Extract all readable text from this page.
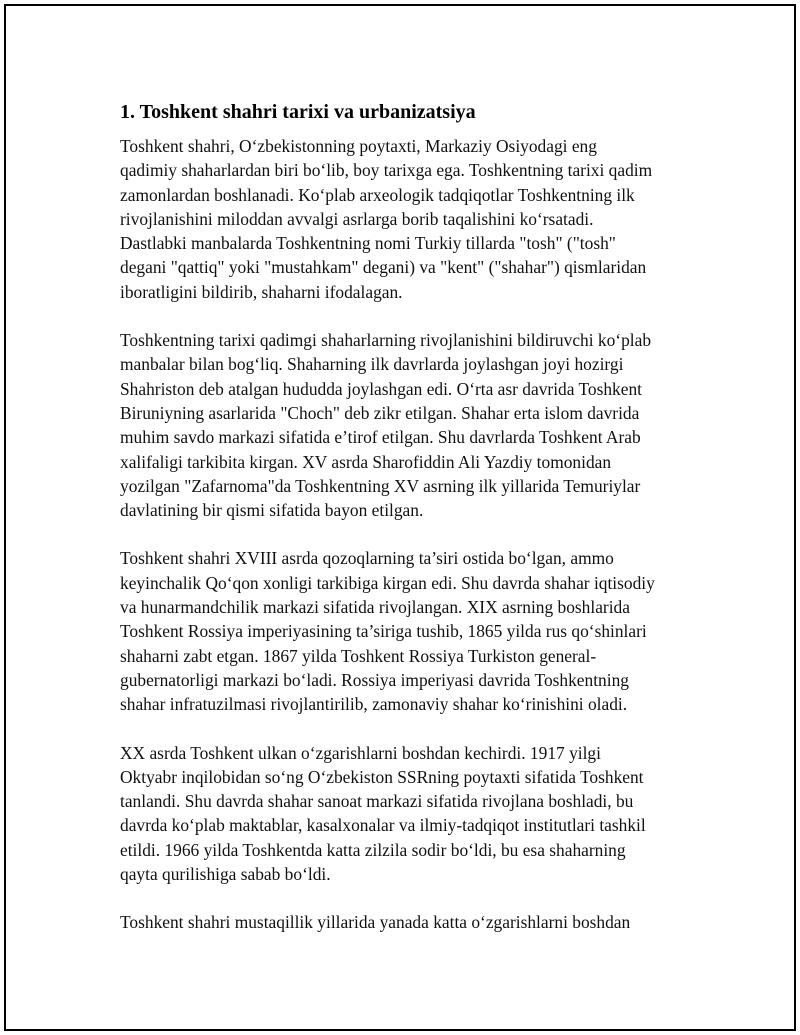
1. Toshkent shahri tarixi va urbanizatsiya

Toshkent shahri, O‘zbekistonning poytaxti, Markaziy Osiyodagi eng
qadimiy shaharlardan biri bo‘lib, boy tarixga ega. Toshkentning tarixi qadim
zamonlardan boshlanadi. Ko‘plab arxeologik tadqiqotlar Toshkentning ilk
rivojlanishini miloddan avvalgi asrlarga borib taqalishini ko‘rsatadi.
Dastlabki manbalarda Toshkentning nomi Turkiy tillarda "tosh" ("tosh"
degani "qattiq" yoki "mustahkam" degani) va "kent" ("shahar") qismlaridan
iboratligini bildirib, shaharni ifodalagan.

Toshkentning tarixi qadimgi shaharlarning rivojlanishini bildiruvchi ko‘plab
manbalar bilan bog‘liq. Shaharning ilk davrlarda joylashgan joyi hozirgi
Shahriston deb atalgan hududda joylashgan edi. O‘rta asr davrida Toshkent
Biruniyning asarlarida "Choch" deb zikr etilgan. Shahar erta islom davrida
muhim savdo markazi sifatida e’tirof etilgan. Shu davrlarda Toshkent Arab
xalifaligi tarkibita kirgan. XV asrda Sharofiddin Ali Yazdiy tomonidan
yozilgan "Zafarnoma"da Toshkentning XV asrning ilk yillarida Temuriylar
davlatining bir qismi sifatida bayon etilgan.

Toshkent shahri XVIII asrda qozoqlarning ta’siri ostida bo‘lgan, ammo
keyinchalik Qo‘qon xonligi tarkibiga kirgan edi. Shu davrda shahar iqtisodiy
va hunarmandchilik markazi sifatida rivojlangan. XIX asrning boshlarida
Toshkent Rossiya imperiyasining ta’siriga tushib, 1865 yilda rus qo‘shinlari
shaharni zabt etgan. 1867 yilda Toshkent Rossiya Turkiston general-
gubernatorligi markazi bo‘ladi. Rossiya imperiyasi davrida Toshkentning
shahar infratuzilmasi rivojlantirilib, zamonaviy shahar ko‘rinishini oladi.

XX asrda Toshkent ulkan o‘zgarishlarni boshdan kechirdi. 1917 yilgi
Oktyabr inqilobidan so‘ng O‘zbekiston SSRning poytaxti sifatida Toshkent
tanlandi. Shu davrda shahar sanoat markazi sifatida rivojlana boshladi, bu
davrda ko‘plab maktablar, kasalxonalar va ilmiy-tadqiqot institutlari tashkil
etildi. 1966 yilda Toshkentda katta zilzila sodir bo‘ldi, bu esa shaharning
qayta qurilishiga sabab bo‘ldi.

Toshkent shahri mustaqillik yillarida yanada katta o‘zgarishlarni boshdan
